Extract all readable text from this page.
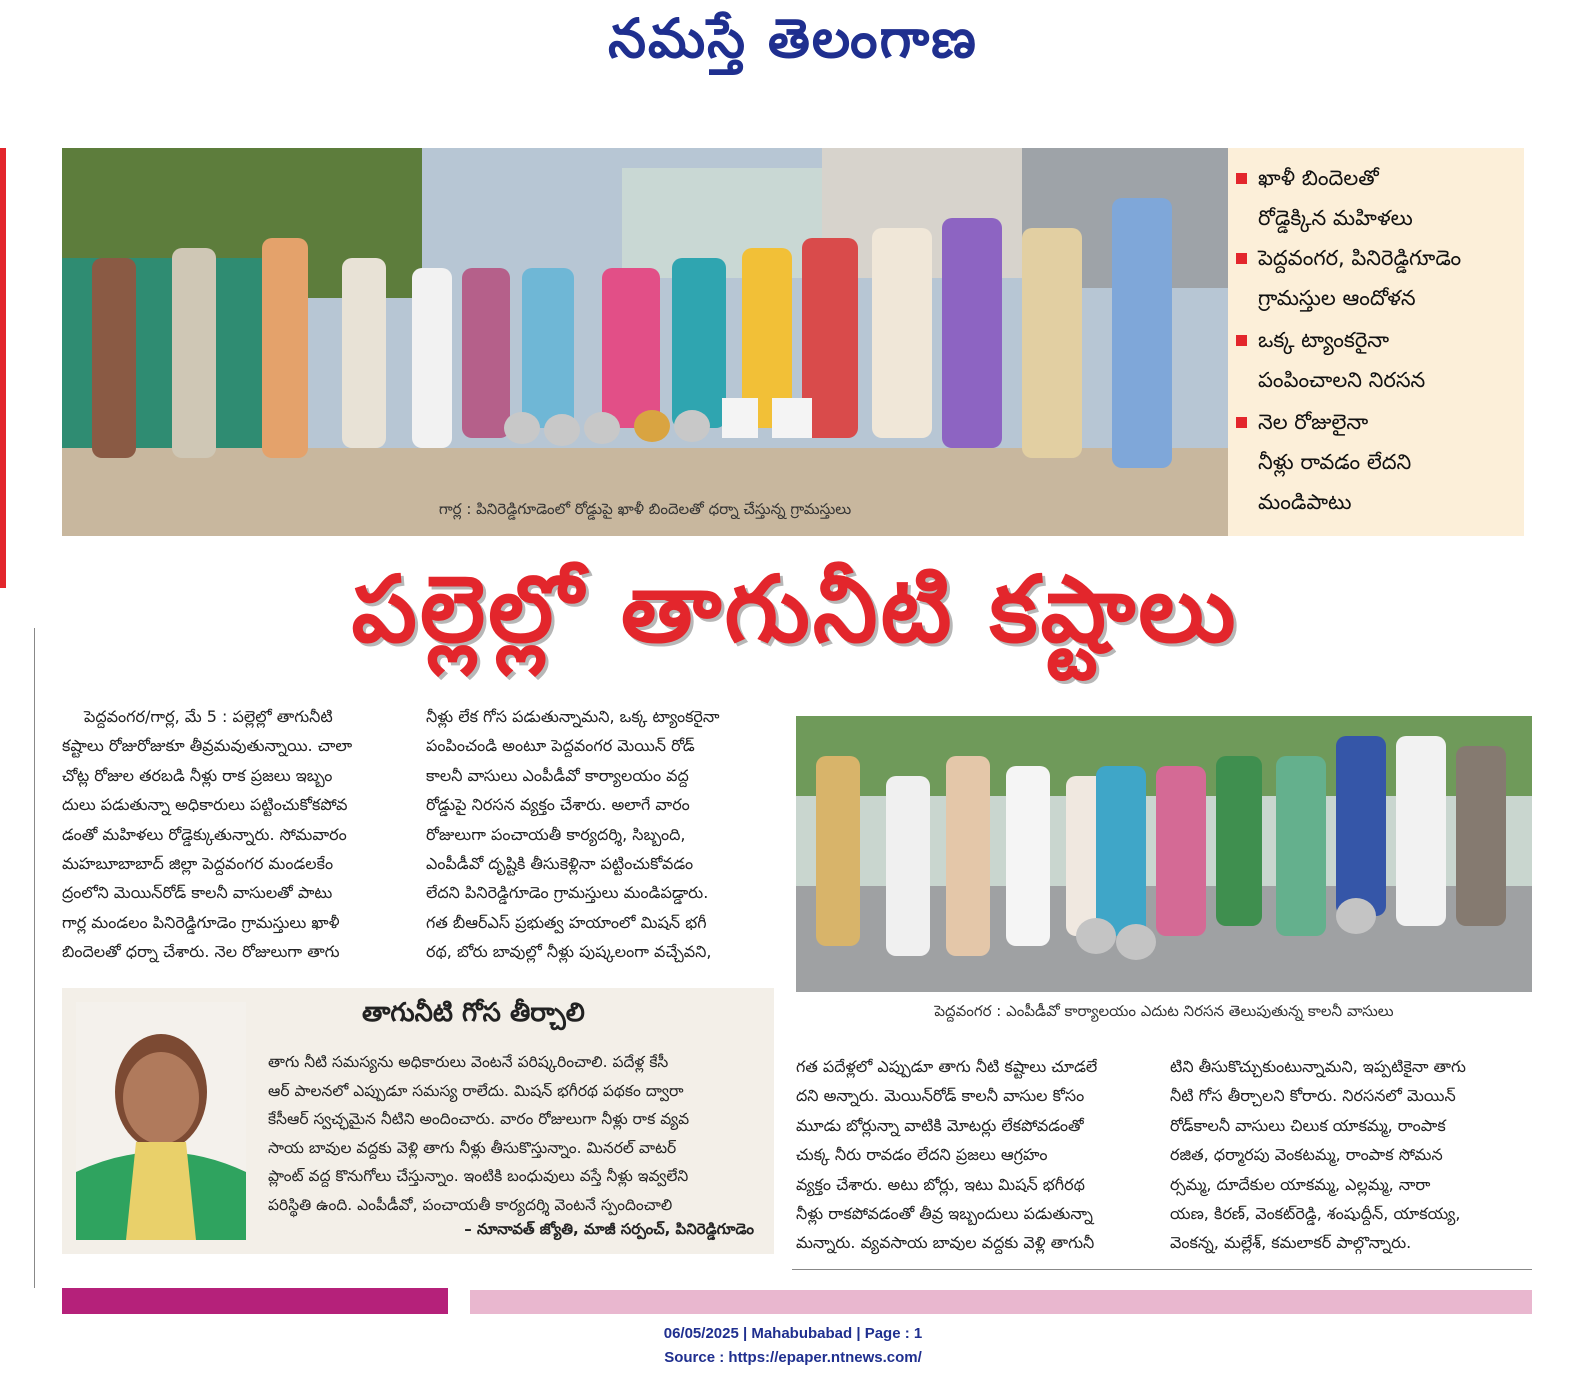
నమస్తే తెలంగాణ
గార్ల : పినిరెడ్డిగూడెంలో రోడ్డుపై ఖాళీ బిందెలతో ధర్నా చేస్తున్న గ్రామస్తులు
ఖాళీ బిందెలతో
రోడ్డెక్కిన మహిళలు
పెద్దవంగర, పినిరెడ్డిగూడెం
గ్రామస్తుల ఆందోళన
ఒక్క ట్యాంకరైనా
పంపించాలని నిరసన
నెల రోజులైనా
నీళ్లు రావడం లేదని
మండిపాటు
పల్లెల్లో తాగునీటి కష్టాలు
పెద్దవంగర/గార్ల, మే 5 : పల్లెల్లో తాగునీటి
కష్టాలు రోజురోజుకూ తీవ్రమవుతున్నాయి. చాలా
చోట్ల రోజుల తరబడి నీళ్లు రాక ప్రజలు ఇబ్బం
దులు పడుతున్నా అధికారులు పట్టించుకోకపోవ
డంతో మహిళలు రోడ్డెక్కుతున్నారు. సోమవారం
మహబూబాబాద్ జిల్లా పెద్దవంగర మండలకేం
ద్రంలోని మెయిన్‌రోడ్ కాలనీ వాసులతో పాటు
గార్ల మండలం పినిరెడ్డిగూడెం గ్రామస్తులు ఖాళీ
బిందెలతో ధర్నా చేశారు. నెల రోజులుగా తాగు
నీళ్లు లేక గోస పడుతున్నామని, ఒక్క ట్యాంకరైనా
పంపించండి అంటూ పెద్దవంగర మెయిన్ రోడ్
కాలనీ వాసులు ఎంపీడీవో కార్యాలయం వద్ద
రోడ్డుపై నిరసన వ్యక్తం చేశారు. అలాగే వారం
రోజులుగా పంచాయతీ కార్యదర్శి, సిబ్బంది,
ఎంపీడీవో దృష్టికి తీసుకెళ్లినా పట్టించుకోవడం
లేదని పినిరెడ్డిగూడెం గ్రామస్తులు మండిపడ్డారు.
గత బీఆర్‌ఎస్ ప్రభుత్వ హయాంలో మిషన్ భగీ
రథ, బోరు బావుల్లో నీళ్లు పుష్కలంగా వచ్చేవని,
పెద్దవంగర : ఎంపీడీవో కార్యాలయం ఎదుట నిరసన తెలుపుతున్న కాలనీ వాసులు
తాగునీటి గోస తీర్చాలి
తాగు నీటి సమస్యను అధికారులు వెంటనే పరిష్కరించాలి. పదేళ్ల కేసీ
ఆర్ పాలనలో ఎప్పుడూ సమస్య రాలేదు. మిషన్ భగీరథ పథకం ద్వారా
కేసీఆర్ స్వచ్ఛమైన నీటిని అందించారు. వారం రోజులుగా నీళ్లు రాక వ్యవ
సాయ బావుల వద్దకు వెళ్లి తాగు నీళ్లు తీసుకొస్తున్నాం. మినరల్ వాటర్
ప్లాంట్ వద్ద కొనుగోలు చేస్తున్నాం. ఇంటికి బంధువులు వస్తే నీళ్లు ఇవ్వలేని
పరిస్థితి ఉంది. ఎంపీడీవో, పంచాయతీ కార్యదర్శి వెంటనే స్పందించాలి
– నూనావత్ జ్యోతి, మాజీ సర్పంచ్, పినిరెడ్డిగూడెం
గత పదేళ్లలో ఎప్పుడూ తాగు నీటి కష్టాలు చూడలే
దని అన్నారు. మెయిన్‌రోడ్ కాలనీ వాసుల కోసం
మూడు బోర్లున్నా వాటికి మోటర్లు లేకపోవడంతో
చుక్క నీరు రావడం లేదని ప్రజలు ఆగ్రహం
వ్యక్తం చేశారు. అటు బోర్లు, ఇటు మిషన్ భగీరథ
నీళ్లు రాకపోవడంతో తీవ్ర ఇబ్బందులు పడుతున్నా
మన్నారు. వ్యవసాయ బావుల వద్దకు వెళ్లి తాగునీ
టిని తీసుకొచ్చుకుంటున్నామని, ఇప్పటికైనా తాగు
నీటి గోస తీర్చాలని కోరారు. నిరసనలో మెయిన్
రోడ్‌కాలనీ వాసులు చిలుక యాకమ్మ, రాంపాక
రజిత, ధర్మారపు వెంకటమ్మ, రాంపాక సోమన
ర్సమ్మ, దూదేకుల యాకమ్మ, ఎల్లమ్మ, నారా
యణ, కిరణ్, వెంకట్‌రెడ్డి, శంషుద్దీన్, యాకయ్య,
వెంకన్న, మల్లేశ్, కమలాకర్ పాల్గొన్నారు.
06/05/2025 | Mahabubabad | Page : 1
Source : https://epaper.ntnews.com/
